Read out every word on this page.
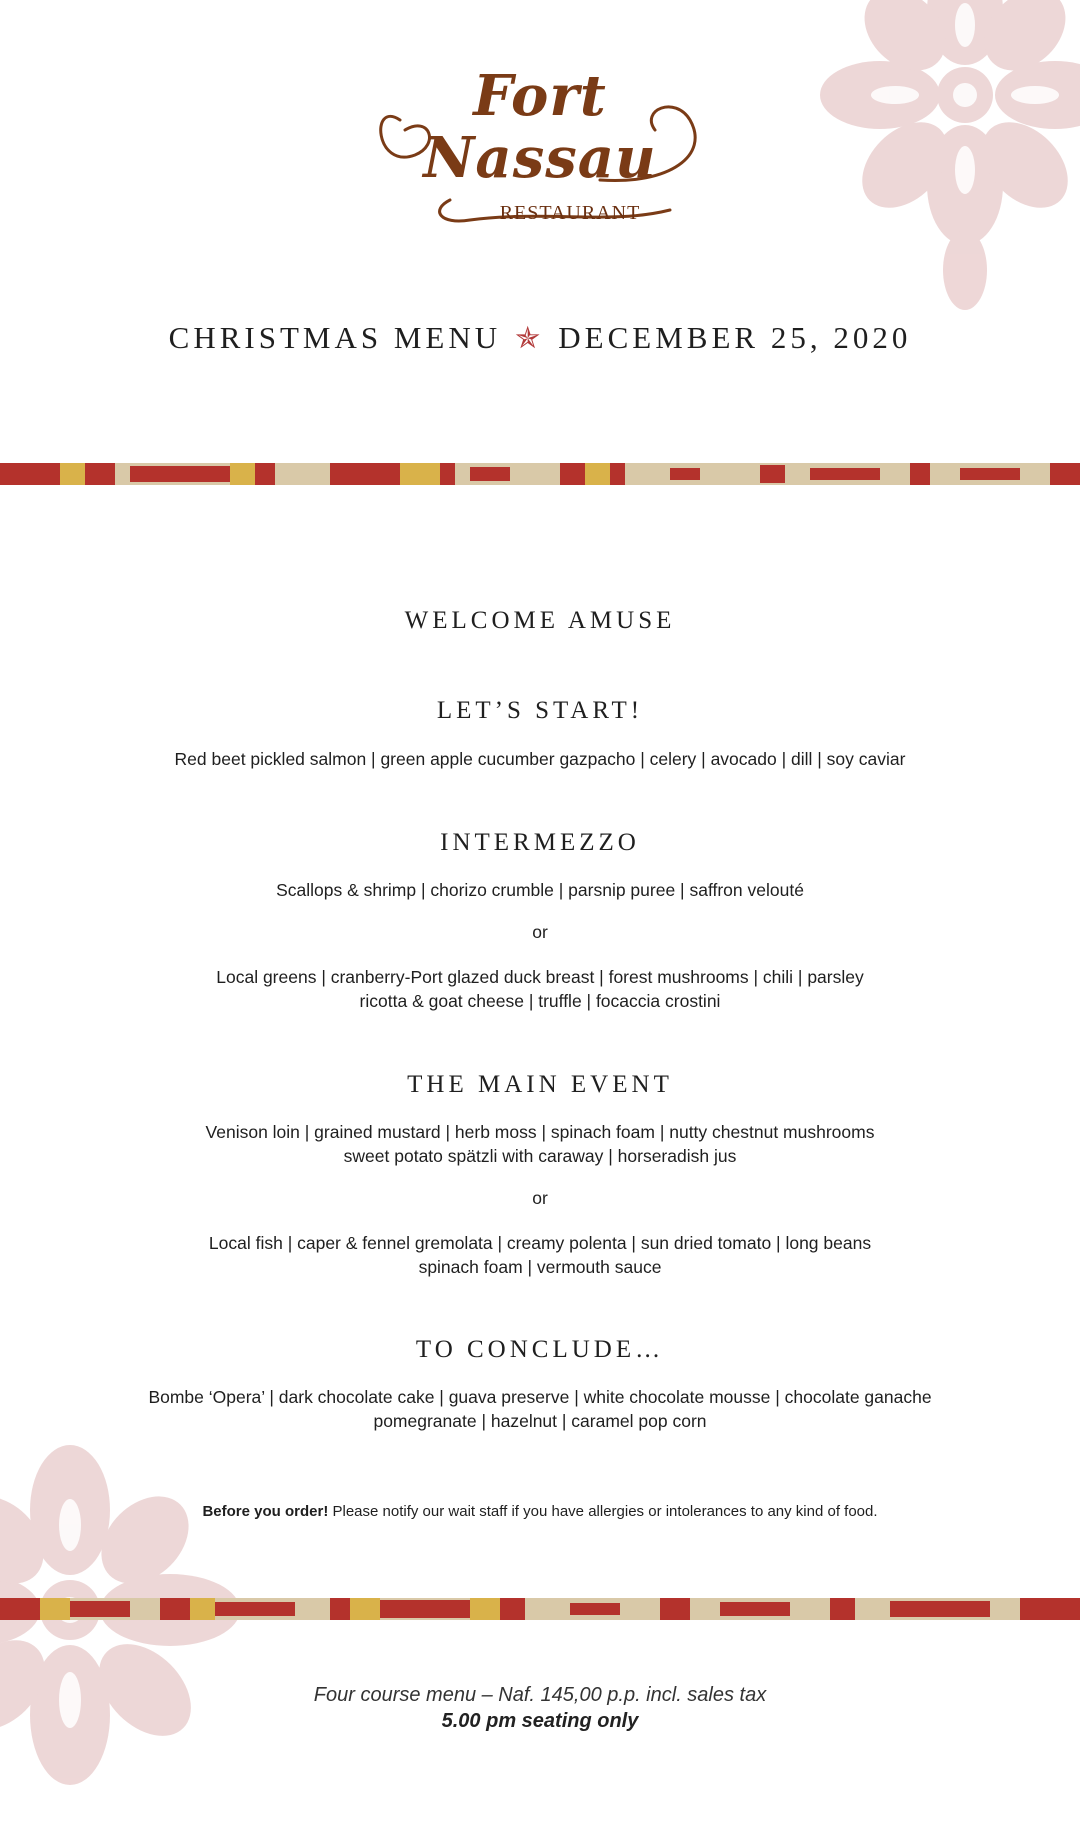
Fort
Nassau
RESTAURANT
CHRISTMAS MENU ✯ DECEMBER 25, 2020
WELCOME AMUSE
LET’S START!
Red beet pickled salmon | green apple cucumber gazpacho | celery | avocado | dill | soy caviar
INTERMEZZO
Scallops & shrimp | chorizo crumble | parsnip puree | saffron velouté
or
Local greens | cranberry-Port glazed duck breast | forest mushrooms | chili | parsley
ricotta & goat cheese | truffle | focaccia crostini
THE MAIN EVENT
Venison loin | grained mustard | herb moss | spinach foam | nutty chestnut mushrooms
sweet potato spätzli with caraway | horseradish jus
or
Local fish | caper & fennel gremolata | creamy polenta | sun dried tomato | long beans
spinach foam | vermouth sauce
TO CONCLUDE…
Bombe ‘Opera’ | dark chocolate cake | guava preserve | white chocolate mousse | chocolate ganache
pomegranate | hazelnut | caramel pop corn
Before you order! Please notify our wait staff if you have allergies or intolerances to any kind of food.
Four course menu – Naf. 145,00 p.p. incl. sales tax
5.00 pm seating only
